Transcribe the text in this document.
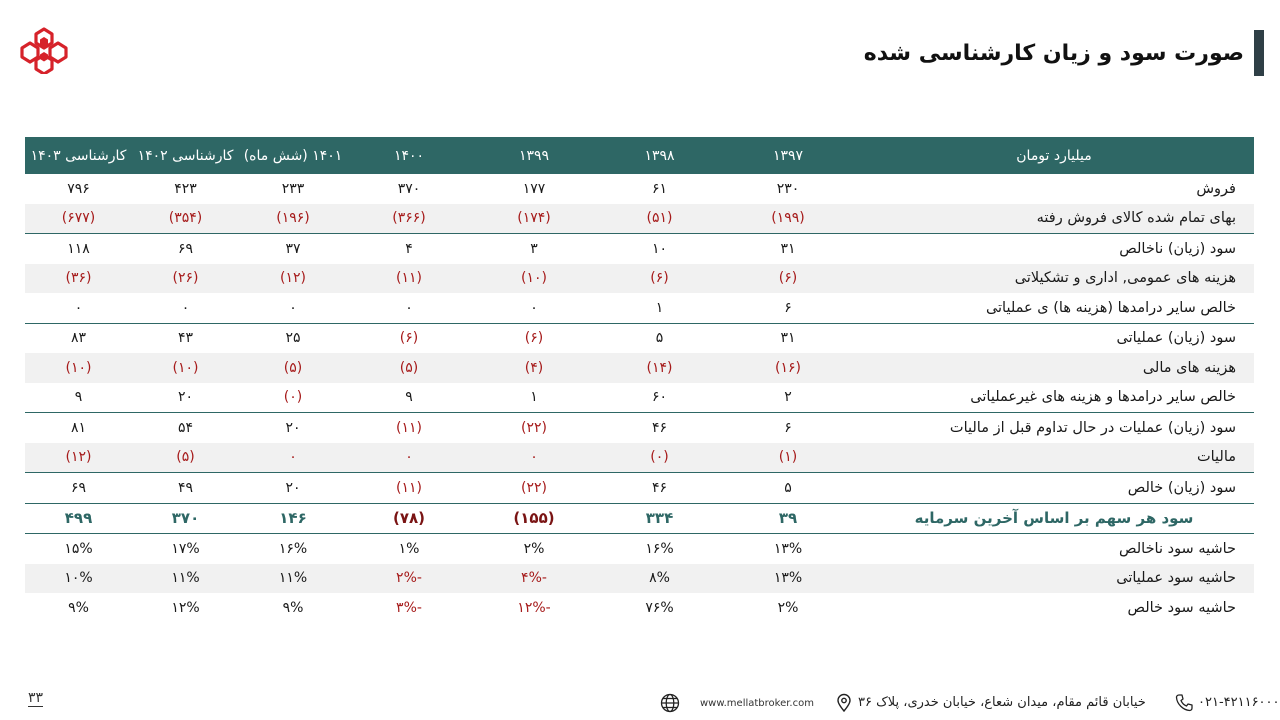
صورت سود و زیان کارشناسی شده
میلیارد تومان	۱۳۹۷	۱۳۹۸	۱۳۹۹	۱۴۰۰	۱۴۰۱ (شش ماه)	کارشناسی ۱۴۰۲	کارشناسی ۱۴۰۳
فروش	۲۳۰	۶۱	۱۷۷	۳۷۰	۲۳۳	۴۲۳	۷۹۶
بهای تمام شده کالای فروش رفته	(۱۹۹)	(۵۱)	(۱۷۴)	(۳۶۶)	(۱۹۶)	(۳۵۴)	(۶۷۷)
سود (زیان) ناخالص	۳۱	۱۰	۳	۴	۳۷	۶۹	۱۱۸
هزینه های عمومی, اداری و تشکیلاتی	(۶)	(۶)	(۱۰)	(۱۱)	(۱۲)	(۲۶)	(۳۶)
خالص سایر درامدها (هزینه ها) ی عملیاتی	۶	۱	۰	۰	۰	۰	۰
سود (زیان) عملیاتی	۳۱	۵	(۶)	(۶)	۲۵	۴۳	۸۳
هزینه های مالی	(۱۶)	(۱۴)	(۴)	(۵)	(۵)	(۱۰)	(۱۰)
خالص سایر درامدها و هزینه های غیرعملیاتی	۲	۶۰	۱	۹	(۰)	۲۰	۹
سود (زیان) عملیات در حال تداوم قبل از مالیات	۶	۴۶	(۲۲)	(۱۱)	۲۰	۵۴	۸۱
مالیات	(۱)	(۰)	۰	۰	۰	(۵)	(۱۲)
سود (زیان) خالص	۵	۴۶	(۲۲)	(۱۱)	۲۰	۴۹	۶۹
سود هر سهم بر اساس آخرین سرمایه	۳۹	۳۳۴	(۱۵۵)	(۷۸)	۱۴۶	۳۷۰	۴۹۹
حاشیه سود ناخالص	۱۳%	۱۶%	۲%	۱%	۱۶%	۱۷%	۱۵%
حاشیه سود عملیاتی	۱۳%	۸%	-۴%	-۲%	۱۱%	۱۱%	۱۰%
حاشیه سود خالص	۲%	۷۶%	-۱۲%	-۳%	۹%	۱۲%	۹%
۳۳	www.mellatbroker.com	خیابان قائم مقام، میدان شعاع، خیابان خدری، پلاک ۳۶	۰۲۱-۴۲۱۱۶۰۰۰
